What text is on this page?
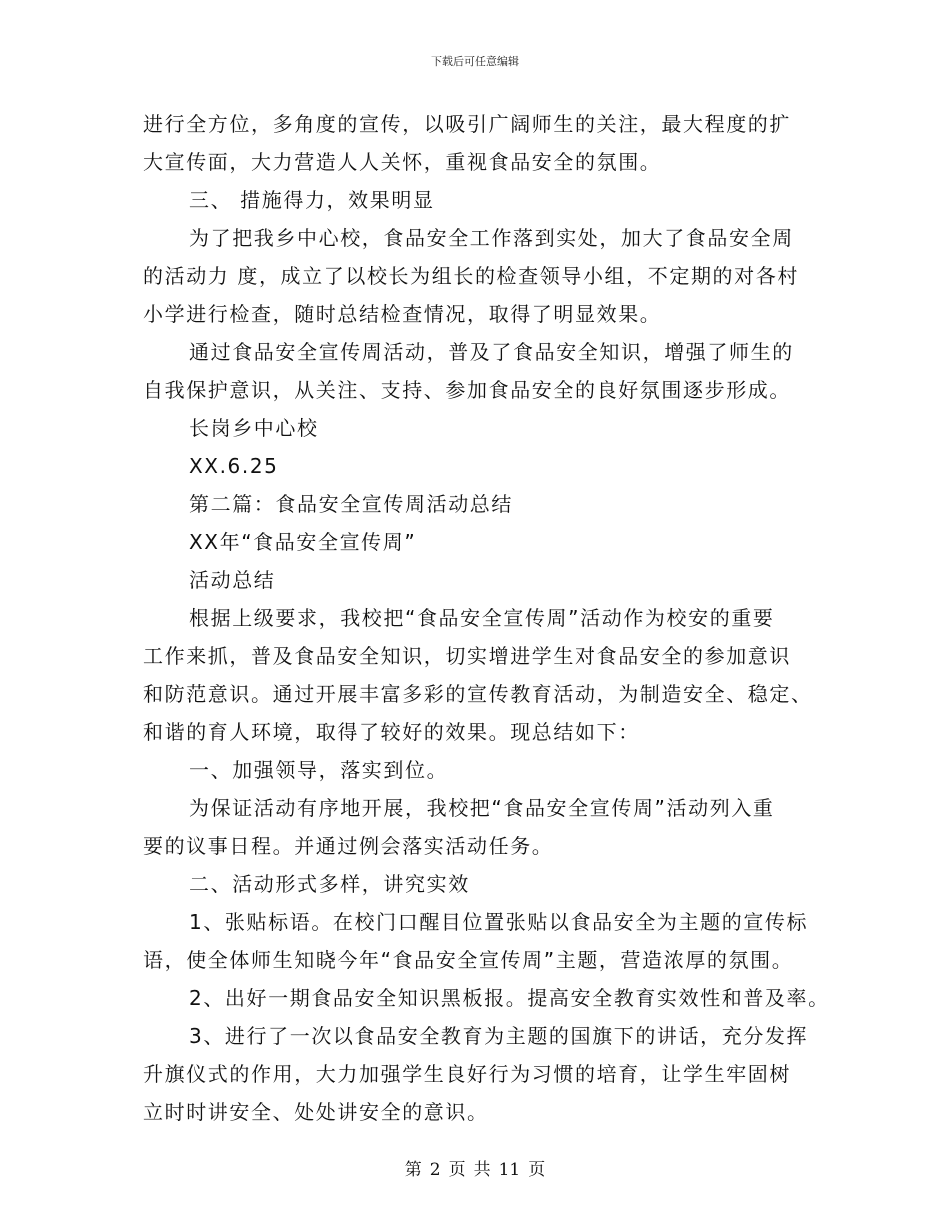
下载后可任意编辑
进行全方位，多角度的宣传，以吸引广阔师生的关注，最大程度的扩
大宣传面，大力营造人人关怀，重视食品安全的氛围。
三、 措施得力，效果明显
为了把我乡中心校，食品安全工作落到实处，加大了食品安全周
的活动力 度，成立了以校长为组长的检查领导小组，不定期的对各村
小学进行检查，随时总结检查情况，取得了明显效果。
通过食品安全宣传周活动，普及了食品安全知识，增强了师生的
自我保护意识，从关注、支持、参加食品安全的良好氛围逐步形成。
长岗乡中心校
XX.6.25
第二篇：食品安全宣传周活动总结
XX年“食品安全宣传周”
活动总结
根据上级要求，我校把“食品安全宣传周”活动作为校安的重要
工作来抓，普及食品安全知识，切实增进学生对食品安全的参加意识
和防范意识。通过开展丰富多彩的宣传教育活动，为制造安全、稳定、
和谐的育人环境，取得了较好的效果。现总结如下：
一、加强领导，落实到位。
为保证活动有序地开展，我校把“食品安全宣传周”活动列入重
要的议事日程。并通过例会落实活动任务。
二、活动形式多样，讲究实效
1、张贴标语。在校门口醒目位置张贴以食品安全为主题的宣传标
语，使全体师生知晓今年“食品安全宣传周”主题，营造浓厚的氛围。
2、出好一期食品安全知识黑板报。提高安全教育实效性和普及率。
3、进行了一次以食品安全教育为主题的国旗下的讲话，充分发挥
升旗仪式的作用，大力加强学生良好行为习惯的培育，让学生牢固树
立时时讲安全、处处讲安全的意识。
第 2 页 共 11 页
